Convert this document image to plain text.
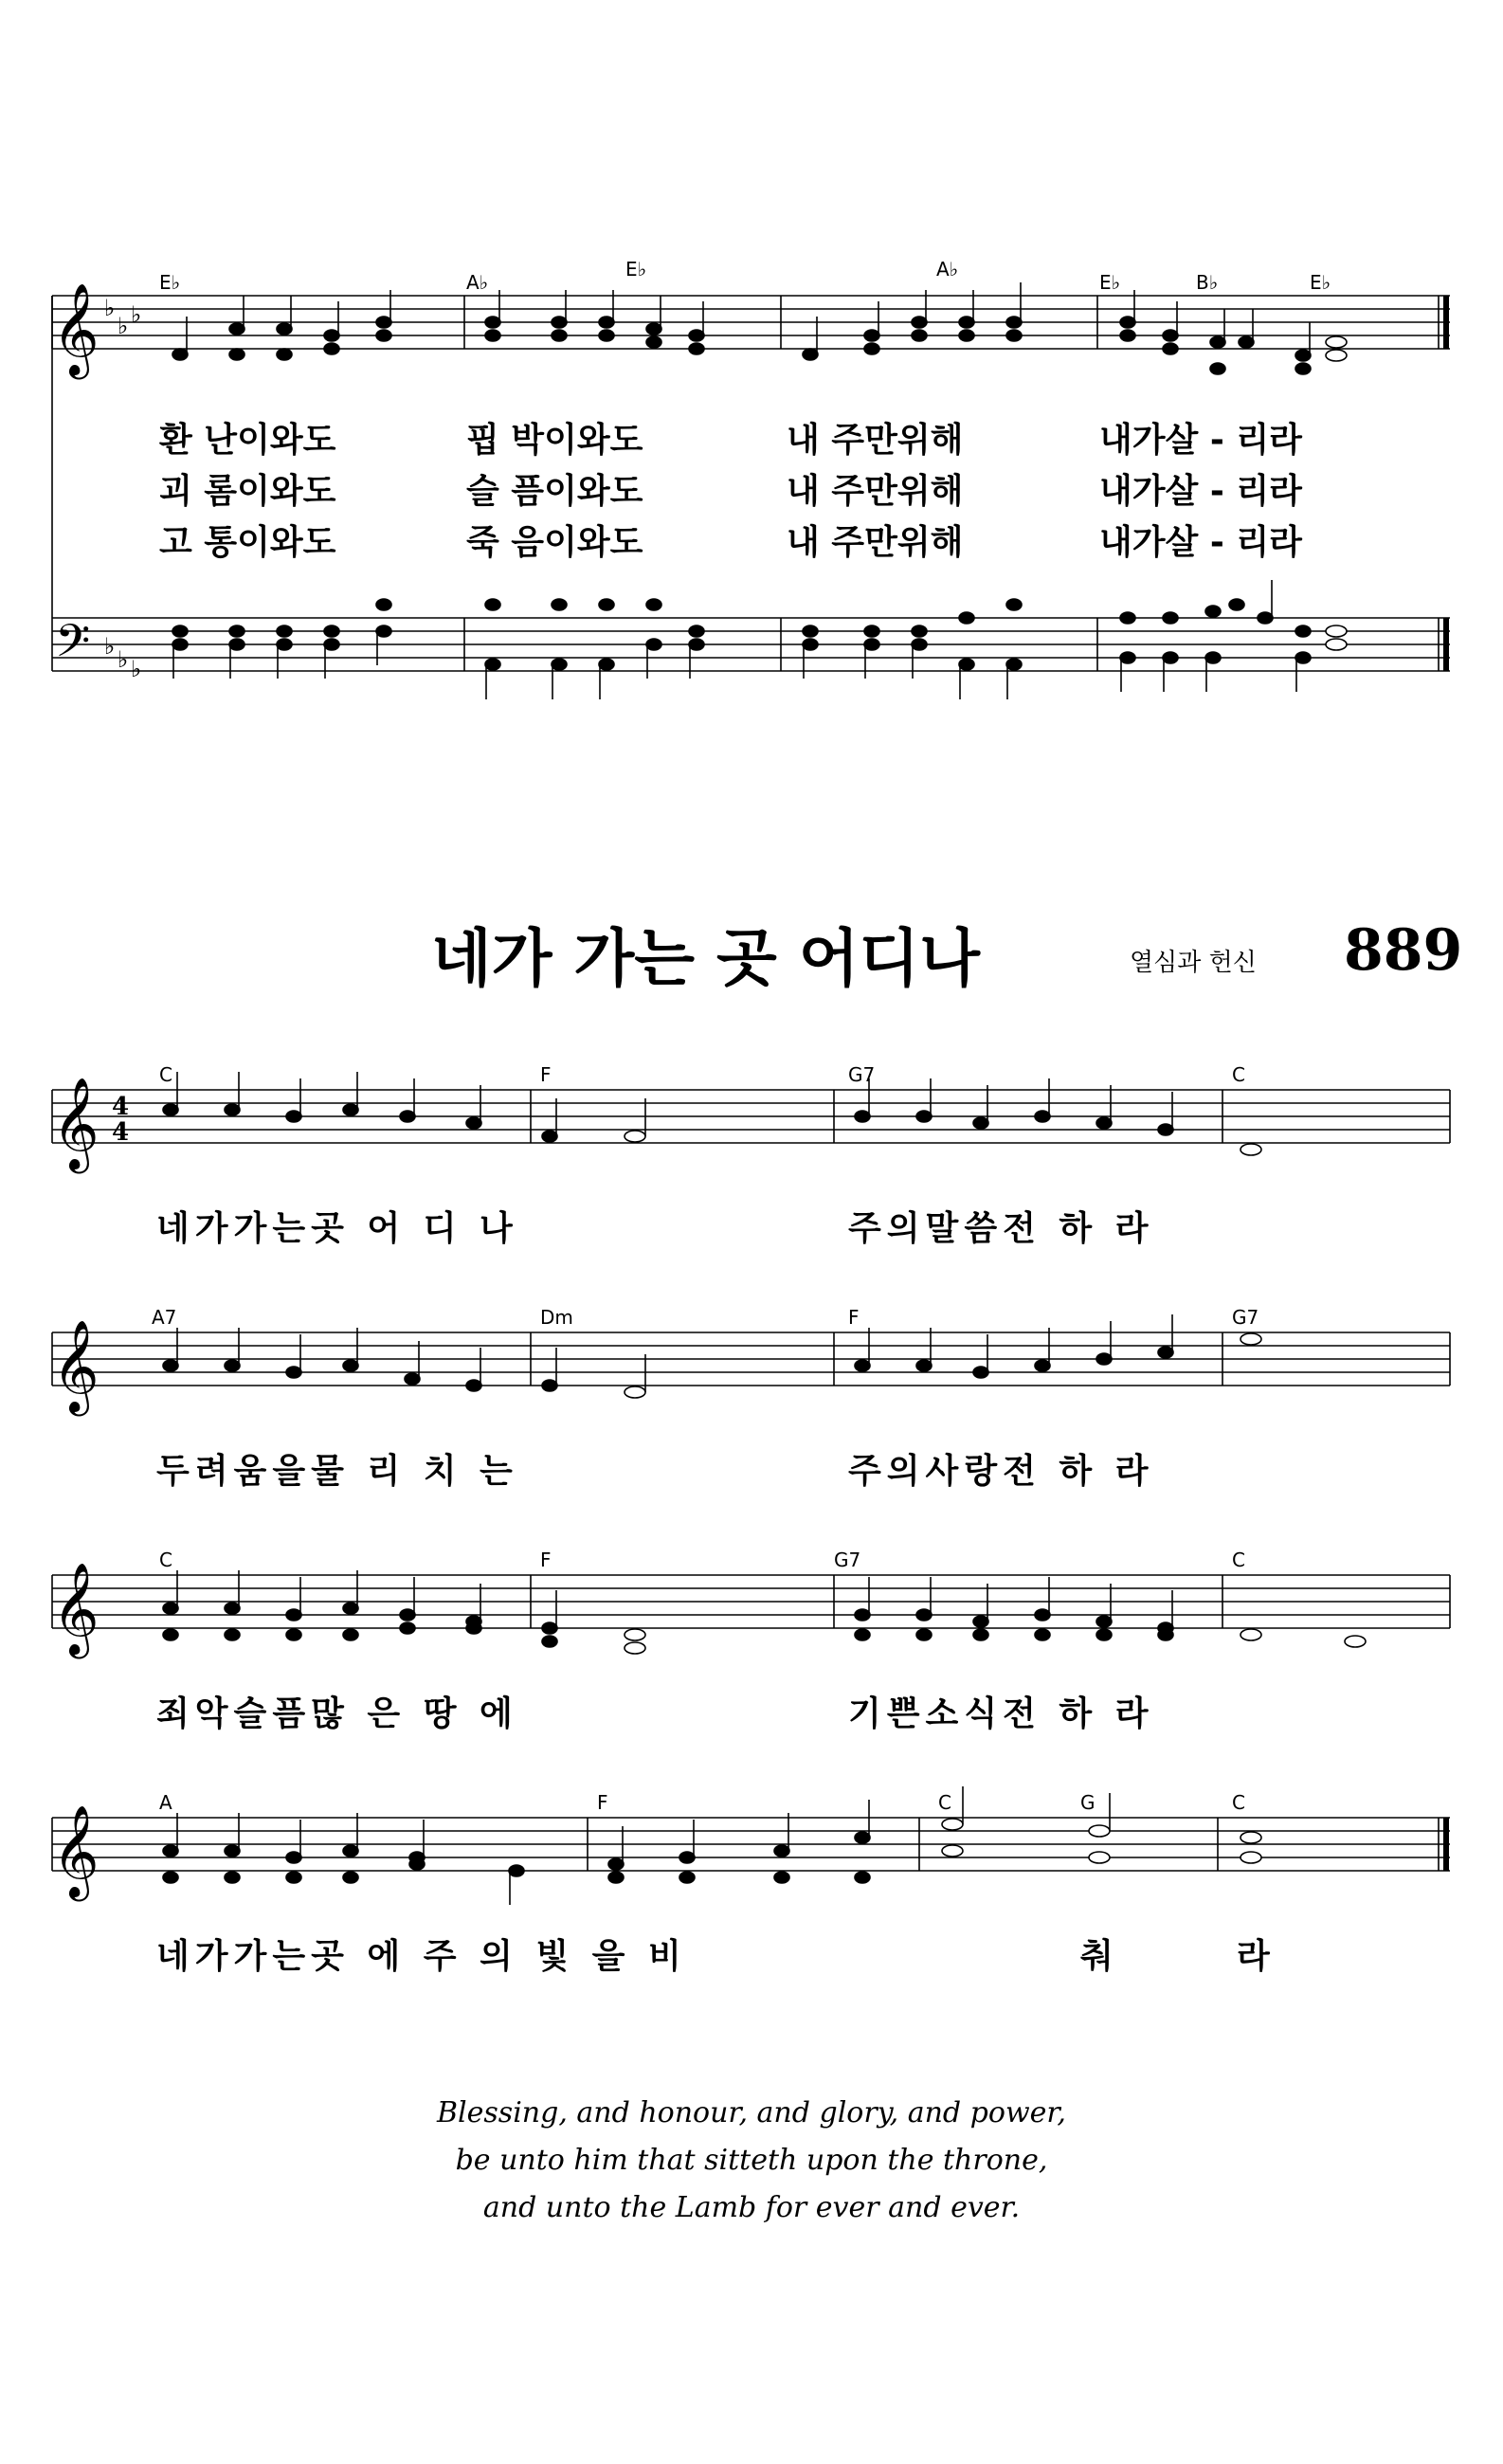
𝄞 ♭
♭ ♭
E♭	A♭
E♭	A♭
E♭	B♭	E♭
환 난이와도	핍 박이와도	내 주만위해	내가살 - 리라
괴 롬이와도	슬 픔이와도	내 주만위해	내가살 - 리라
고 통이와도	죽 음이와도	내 주만위해	내가살 - 리라
𝄢 ♭ ♭ ♭
네가 가는 곳 어디나	열심과 헌신 889
𝄞 4
4
C	F	G7	C
네가가는곳 어 디 나	주의말씀전 하 라
𝄞
A7	Dm	F	G7
두려움을물 리 치 는	주의사랑전 하 라
𝄞
C	F	G7	C
죄악슬픔많 은 땅 에	기쁜소식전 하 라
𝄞
A	F	C	G	C
네가가는곳 에 주 의 빛 을 비	춰	라
Blessing, and honour, and glory, and power,
be unto him that sitteth upon the throne,
and unto the Lamb for ever and ever.
